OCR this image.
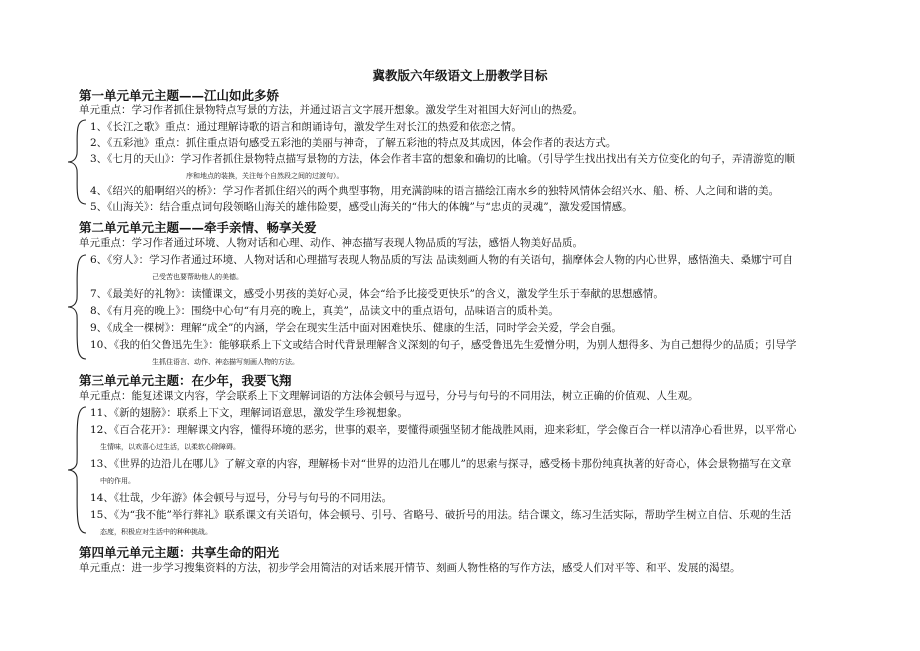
冀教版六年级语文上册教学目标
第一单元单元主题——江山如此多娇
单元重点：学习作者抓住景物特点写景的方法，并通过语言文字展开想象。激发学生对祖国大好河山的热爱。
1、《长江之歌》重点：通过理解诗歌的语言和朗诵诗句，激发学生对长江的热爱和依恋之情。
2、《五彩池》重点：抓住重点语句感受五彩池的美丽与神奇，了解五彩池的特点及其成因，体会作者的表达方式。
3、《七月的天山》：学习作者抓住景物特点描写景物的方法，体会作者丰富的想象和确切的比喻。（引导学生找出找出有关方位变化的句子，弄清游览的顺
序和地点的装换，关注每个自然段之间的过渡句）。
4、《绍兴的船啊绍兴的桥》：学习作者抓住绍兴的两个典型事物，用充满韵味的语言描绘江南水乡的独特风情体会绍兴水、船、桥、人之间和谐的美。
5、《山海关》：结合重点词句段领略山海关的雄伟险要，感受山海关的“伟大的体魄”与“忠贞的灵魂”，激发爱国情感。
第二单元单元主题——牵手亲情、畅享关爱
单元重点：学习作者通过环境、人物对话和心理、动作、神态描写表现人物品质的写法，感悟人物美好品质。
6、《穷人》：学习作者通过环境、人物对话和心理描写表现人物品质的写法 品读刻画人物的有关语句，揣摩体会人物的内心世界，感悟渔夫、桑娜宁可自
己受苦也要帮助他人的美德。
7、《最美好的礼物》：读懂课文，感受小男孩的美好心灵，体会“给予比接受更快乐”的含义，激发学生乐于奉献的思想感情。
8、《有月亮的晚上》：围绕中心句“有月亮的晚上，真美”，品读文中的重点语句，品味语言的质朴美。
9、《成全一棵树》：理解“成全”的内涵，学会在现实生活中面对困难快乐、健康的生活，同时学会关爱，学会自强。
10、《我的伯父鲁迅先生》：能够联系上下文或结合时代背景理解含义深刻的句子，感受鲁迅先生爱憎分明，为别人想得多、为自己想得少的品质；引导学
生抓住语言、动作、神态描写刻画人物的方法。
第三单元单元主题：在少年，我要飞翔
单元重点：能复述课文内容，学会联系上下文理解词语的方法体会顿号与逗号，分号与句号的不同用法，树立正确的价值观、人生观。
11、《新的翅膀》：联系上下文，理解词语意思，激发学生珍视想象。
12、《百合花开》：理解课文内容，懂得环境的恶劣，世事的艰辛，要懂得顽强坚韧才能战胜风雨，迎来彩虹，学会像百合一样以清净心看世界，以平常心
生情味，以欢喜心过生活，以柔软心除障碍。
13、《世界的边沿儿在哪儿》了解文章的内容，理解杨卡对“世界的边沿儿在哪儿”的思索与探寻，感受杨卡那份纯真执著的好奇心，体会景物描写在文章
中的作用。
14、《壮哉，少年游》体会顿号与逗号，分号与句号的不同用法。
15、《为“我不能”举行葬礼》联系课文有关语句，体会顿号、引号、省略号、破折号的用法。结合课文，练习生活实际，帮助学生树立自信、乐观的生活
态度，积极应对生活中的种种挑战。
第四单元单元主题：共享生命的阳光
单元重点：进一步学习搜集资料的方法，初步学会用简洁的对话来展开情节、刻画人物性格的写作方法，感受人们对平等、和平、发展的渴望。
